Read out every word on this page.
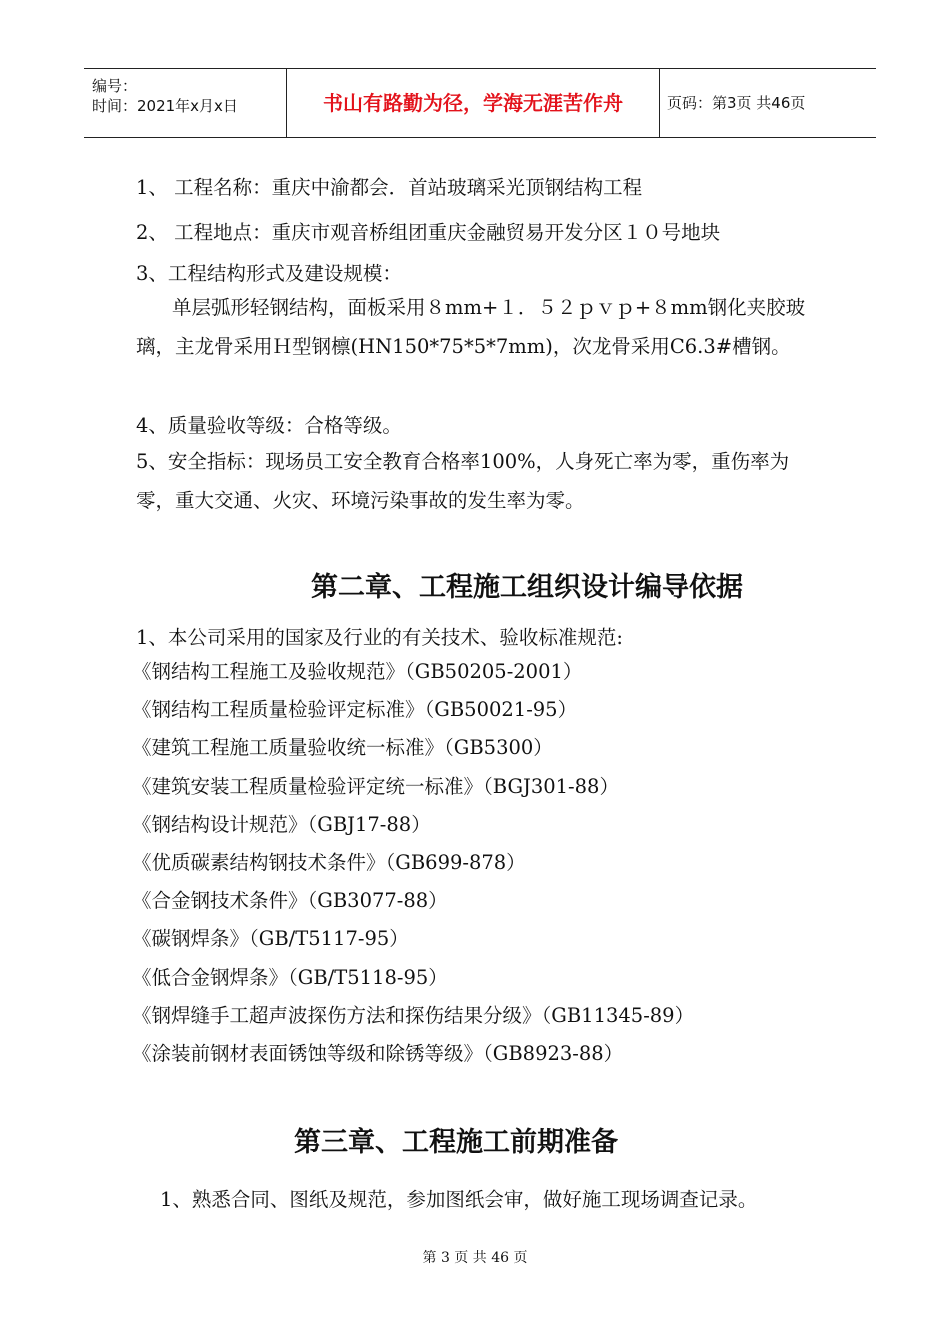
编号：
时间：2021年x月x日	书山有路勤为径，学海无涯苦作舟	页码：第3页 共46页
1、 工程名称：重庆中渝都会．首站玻璃采光顶钢结构工程
2、 工程地点：重庆市观音桥组团重庆金融贸易开发分区１０号地块
3、工程结构形式及建设规模：
单层弧形轻钢结构，面板采用８mm+１．５２ｐｖｐ+８mm钢化夹胶玻璃，主龙骨采用Ｈ型钢檩(HN150*75*5*7mm)，次龙骨采用C6.3#槽钢。
4、质量验收等级：合格等级。
5、安全指标：现场员工安全教育合格率100%，人身死亡率为零，重伤率为零，重大交通、火灾、环境污染事故的发生率为零。
第二章、工程施工组织设计编导依据
1、本公司采用的国家及行业的有关技术、验收标准规范:
《钢结构工程施工及验收规范》（GB50205-2001）
《钢结构工程质量检验评定标准》（GB50021-95）
《建筑工程施工质量验收统一标准》（GB5300）
《建筑安装工程质量检验评定统一标准》（BGJ301-88）
《钢结构设计规范》（GBJ17-88）
《优质碳素结构钢技术条件》（GB699-878）
《合金钢技术条件》（GB3077-88）
《碳钢焊条》（GB/T5117-95）
《低合金钢焊条》（GB/T5118-95）
《钢焊缝手工超声波探伤方法和探伤结果分级》（GB11345-89）
《涂装前钢材表面锈蚀等级和除锈等级》（GB8923-88）
第三章、工程施工前期准备
1、熟悉合同、图纸及规范，参加图纸会审，做好施工现场调查记录。
第 3 页 共 46 页
